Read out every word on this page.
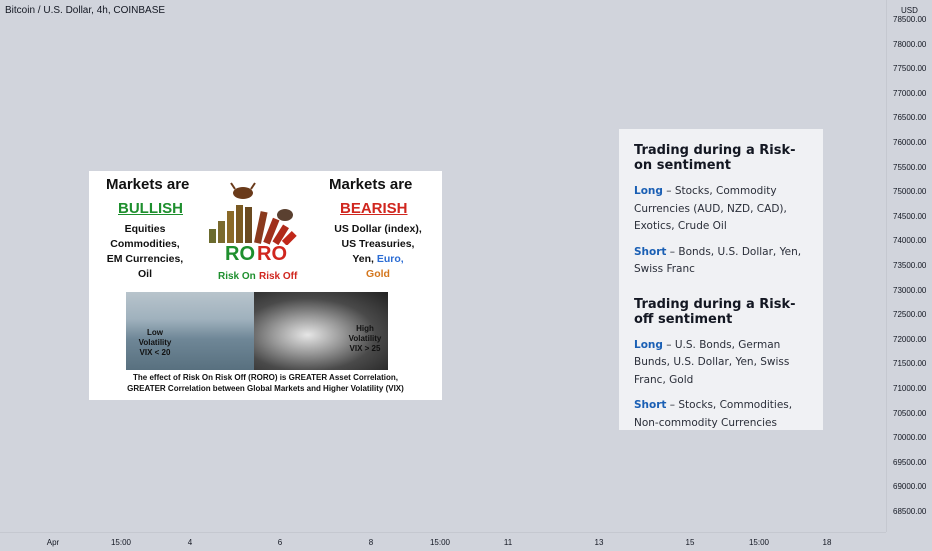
Bitcoin / U.S. Dollar, 4h, COINBASE	USD
78500.00
78000.00
77500.00
77000.00
76500.00
76000.00
75500.00
75000.00
74500.00
74000.00
73500.00
73000.00
72500.00
72000.00
71500.00
71000.00
70500.00
70000.00
69500.00
69000.00
68500.00
Apr	15:00	4	6	8	15:00	11	13	15	15:00	18
Markets are
BULLISH
Equities
Commodities,
EM Currencies,
Oil
RO RO
Risk On Risk Off
Markets are
BEARISH
US Dollar (index),
US Treasuries,
Yen, Euro,
Gold
Low
Volatility
VIX < 20
High
Volatility
VIX > 25
The effect of Risk On Risk Off (RORO) is GREATER Asset Correlation,
GREATER Correlation between Global Markets and Higher Volatility (VIX)
Trading during a Risk-on sentiment

Long – Stocks, Commodity Currencies (AUD, NZD, CAD), Exotics, Crude Oil

Short – Bonds, U.S. Dollar, Yen, Swiss Franc

Trading during a Risk-off sentiment

Long – U.S. Bonds, German Bunds, U.S. Dollar, Yen, Swiss Franc, Gold

Short – Stocks, Commodities, Non-commodity Currencies
